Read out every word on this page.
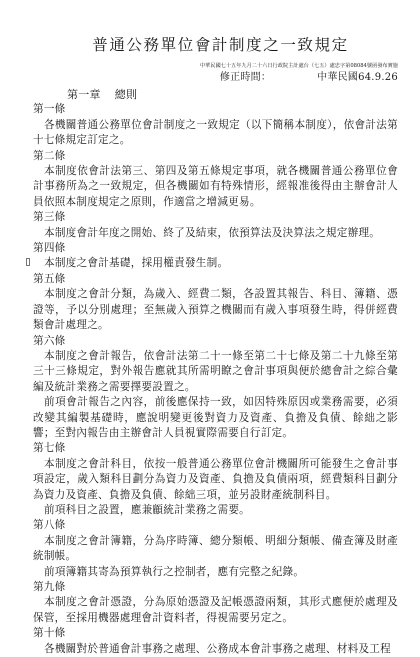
普通公務單位會計制度之一致規定
中華民國七十五年九月二十六日行政院主計處台（七五）處忠字第08084號函發布實施
修正時間：	中華民國64.9.26
第一章 總則
第一條
各機關普通公務單位會計制度之一致規定（以下簡稱本制度），依會計法第十七條規定訂定之。
第二條
本制度依會計法第三、第四及第五條規定事項，就各機關普通公務單位會計事務所為之一致規定，但各機關如有特殊情形，經報准後得由主辦會計人員依照本制度規定之原則，作適當之增減更易。
第三條
本制度會計年度之開始、終了及結束，依預算法及決算法之規定辦理。
第四條
本制度之會計基礎，採用權責發生制。
第五條
本制度之會計分類，為歲入、經費二類，各設置其報告、科目、簿籍、憑證等，予以分別處理；至無歲入預算之機關而有歲入事項發生時，得併經費類會計處理之。
第六條
本制度之會計報告，依會計法第二十一條至第二十七條及第二十九條至第三十三條規定，對外報告應就其所需明瞭之會計事項與便於總會計之綜合彙編及統計業務之需要擇要設置之。
前項會計報告之內容，前後應保持一致，如因特殊原因或業務需要，必須改變其編製基礎時，應說明變更後對資力及資產、負擔及負債、餘絀之影響；至對內報告由主辦會計人員視實際需要自行訂定。
第七條
本制度之會計科目，依按一般普通公務單位會計機關所可能發生之會計事項設定，歲入類科目劃分為資力及資產、負擔及負債兩項，經費類科目劃分為資力及資產、負擔及負債、餘絀三項，並另設財產統制科目。
前項科目之設置，應兼顧統計業務之需要。
第八條
本制度之會計簿籍，分為序時簿、總分類帳、明細分類帳、備查簿及財產統制帳。
前項簿籍其寄為預算執行之控制者，應有完整之紀錄。
第九條
本制度之會計憑證，分為原始憑證及記帳憑證兩類，其形式應便於處理及保管，至採用機器處理會計資料者，得視需要另定之。
第十條
各機關對於普通會計事務之處理、公務成本會計事務之處理、材料及工程
